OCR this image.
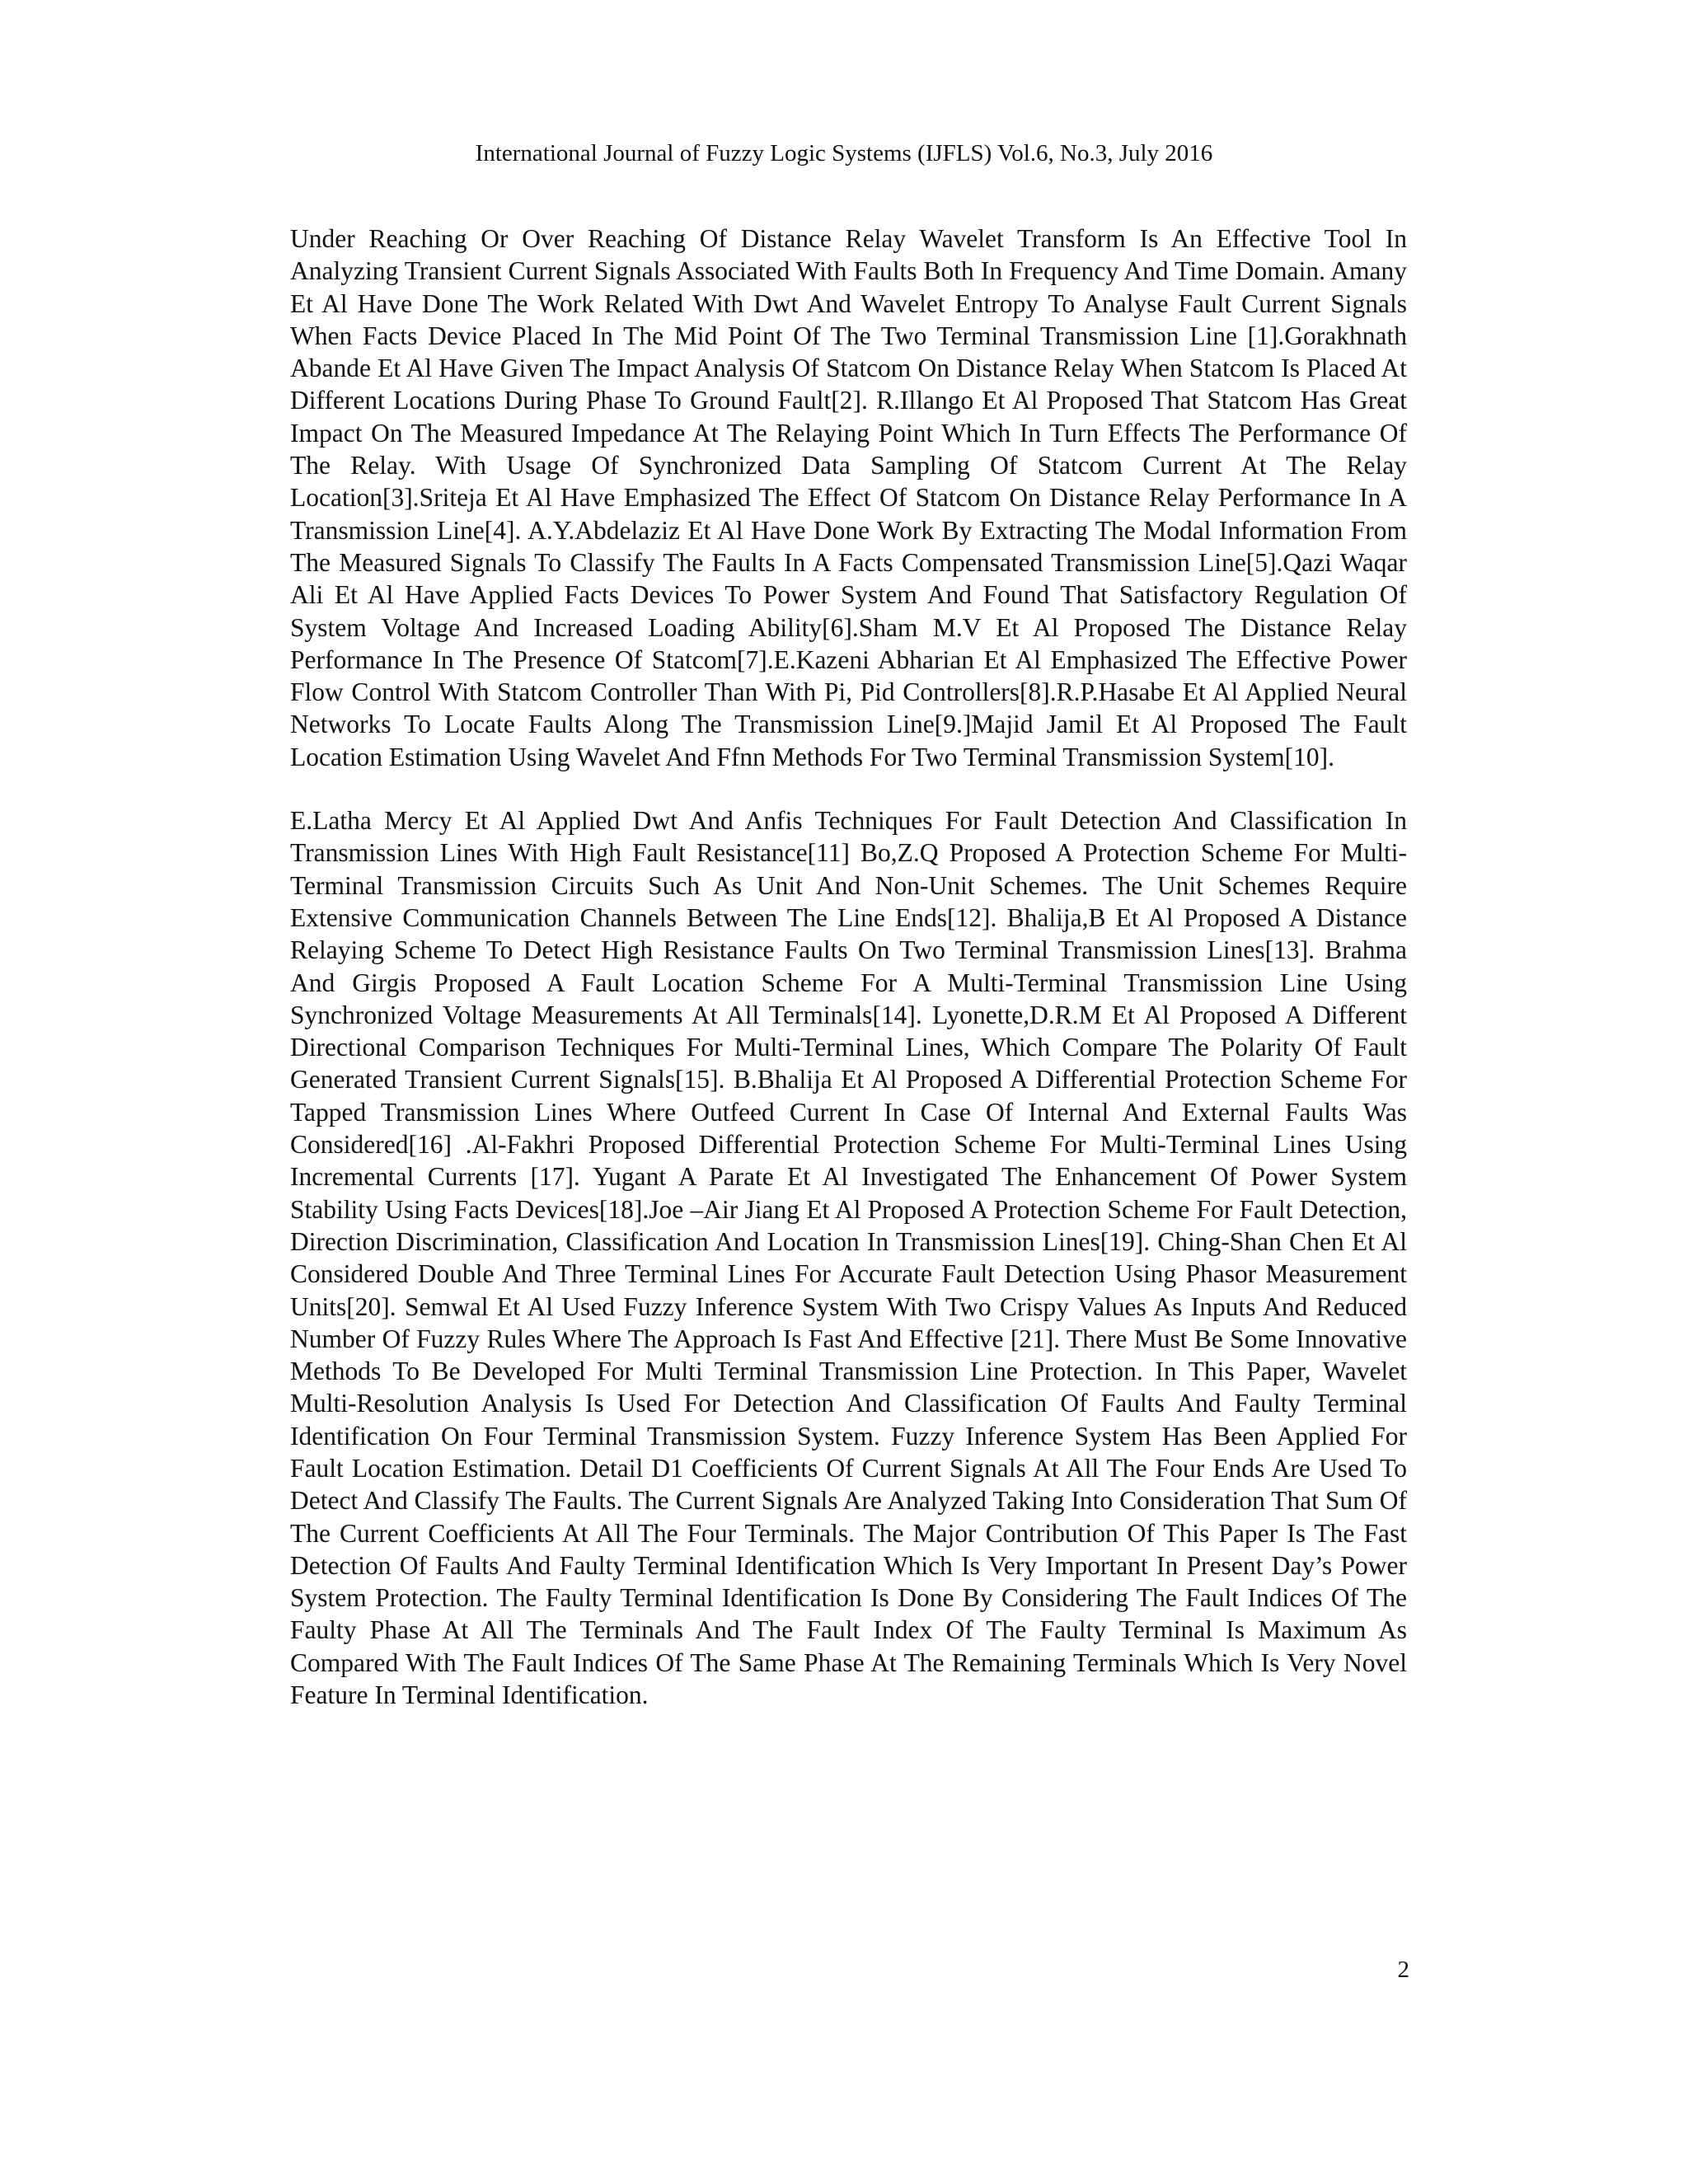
International Journal of Fuzzy Logic Systems (IJFLS) Vol.6, No.3, July 2016

Under Reaching Or Over Reaching Of Distance Relay Wavelet Transform Is An Effective Tool In Analyzing Transient Current Signals Associated With Faults Both In Frequency And Time Domain. Amany Et Al Have Done The Work Related With Dwt And Wavelet Entropy To Analyse Fault Current Signals When Facts Device Placed In The Mid Point Of The Two Terminal Transmission Line [1].Gorakhnath Abande Et Al Have Given The Impact Analysis Of Statcom On Distance Relay When Statcom Is Placed At Different Locations During Phase To Ground Fault[2]. R.Illango Et Al Proposed That Statcom Has Great Impact On The Measured Impedance At The Relaying Point Which In Turn Effects The Performance Of The Relay. With Usage Of Synchronized Data Sampling Of Statcom Current At The Relay Location[3].Sriteja Et Al Have Emphasized The Effect Of Statcom On Distance Relay Performance In A Transmission Line[4]. A.Y.Abdelaziz Et Al Have Done Work By Extracting The Modal Information From The Measured Signals To Classify The Faults In A Facts Compensated Transmission Line[5].Qazi Waqar Ali Et Al Have Applied Facts Devices To Power System And Found That Satisfactory Regulation Of System Voltage And Increased Loading Ability[6].Sham M.V Et Al Proposed The Distance Relay Performance In The Presence Of Statcom[7].E.Kazeni Abharian Et Al Emphasized The Effective Power Flow Control With Statcom Controller Than With Pi, Pid Controllers[8].R.P.Hasabe Et Al Applied Neural Networks To Locate Faults Along The Transmission Line[9.]Majid Jamil Et Al Proposed The Fault Location Estimation Using Wavelet And Ffnn Methods For Two Terminal Transmission System[10].

E.Latha Mercy Et Al Applied Dwt And Anfis Techniques For Fault Detection And Classification In Transmission Lines With High Fault Resistance[11] Bo,Z.Q Proposed A Protection Scheme For Multi-Terminal Transmission Circuits Such As Unit And Non-Unit Schemes. The Unit Schemes Require Extensive Communication Channels Between The Line Ends[12]. Bhalija,B Et Al Proposed A Distance Relaying Scheme To Detect High Resistance Faults On Two Terminal Transmission Lines[13]. Brahma And Girgis Proposed A Fault Location Scheme For A Multi-Terminal Transmission Line Using Synchronized Voltage Measurements At All Terminals[14]. Lyonette,D.R.M Et Al Proposed A Different Directional Comparison Techniques For Multi-Terminal Lines, Which Compare The Polarity Of Fault Generated Transient Current Signals[15]. B.Bhalija Et Al Proposed A Differential Protection Scheme For Tapped Transmission Lines Where Outfeed Current In Case Of Internal And External Faults Was Considered[16] .Al-Fakhri Proposed Differential Protection Scheme For Multi-Terminal Lines Using Incremental Currents [17]. Yugant A Parate Et Al Investigated The Enhancement Of Power System Stability Using Facts Devices[18].Joe –Air Jiang Et Al Proposed A Protection Scheme For Fault Detection, Direction Discrimination, Classification And Location In Transmission Lines[19]. Ching-Shan Chen Et Al Considered Double And Three Terminal Lines For Accurate Fault Detection Using Phasor Measurement Units[20]. Semwal Et Al Used Fuzzy Inference System With Two Crispy Values As Inputs And Reduced Number Of Fuzzy Rules Where The Approach Is Fast And Effective [21]. There Must Be Some Innovative Methods To Be Developed For Multi Terminal Transmission Line Protection. In This Paper, Wavelet Multi-Resolution Analysis Is Used For Detection And Classification Of Faults And Faulty Terminal Identification On Four Terminal Transmission System. Fuzzy Inference System Has Been Applied For Fault Location Estimation. Detail D1 Coefficients Of Current Signals At All The Four Ends Are Used To Detect And Classify The Faults. The Current Signals Are Analyzed Taking Into Consideration That Sum Of The Current Coefficients At All The Four Terminals. The Major Contribution Of This Paper Is The Fast Detection Of Faults And Faulty Terminal Identification Which Is Very Important In Present Day’s Power System Protection. The Faulty Terminal Identification Is Done By Considering The Fault Indices Of The Faulty Phase At All The Terminals And The Fault Index Of The Faulty Terminal Is Maximum As Compared With The Fault Indices Of The Same Phase At The Remaining Terminals Which Is Very Novel Feature In Terminal Identification.

2
